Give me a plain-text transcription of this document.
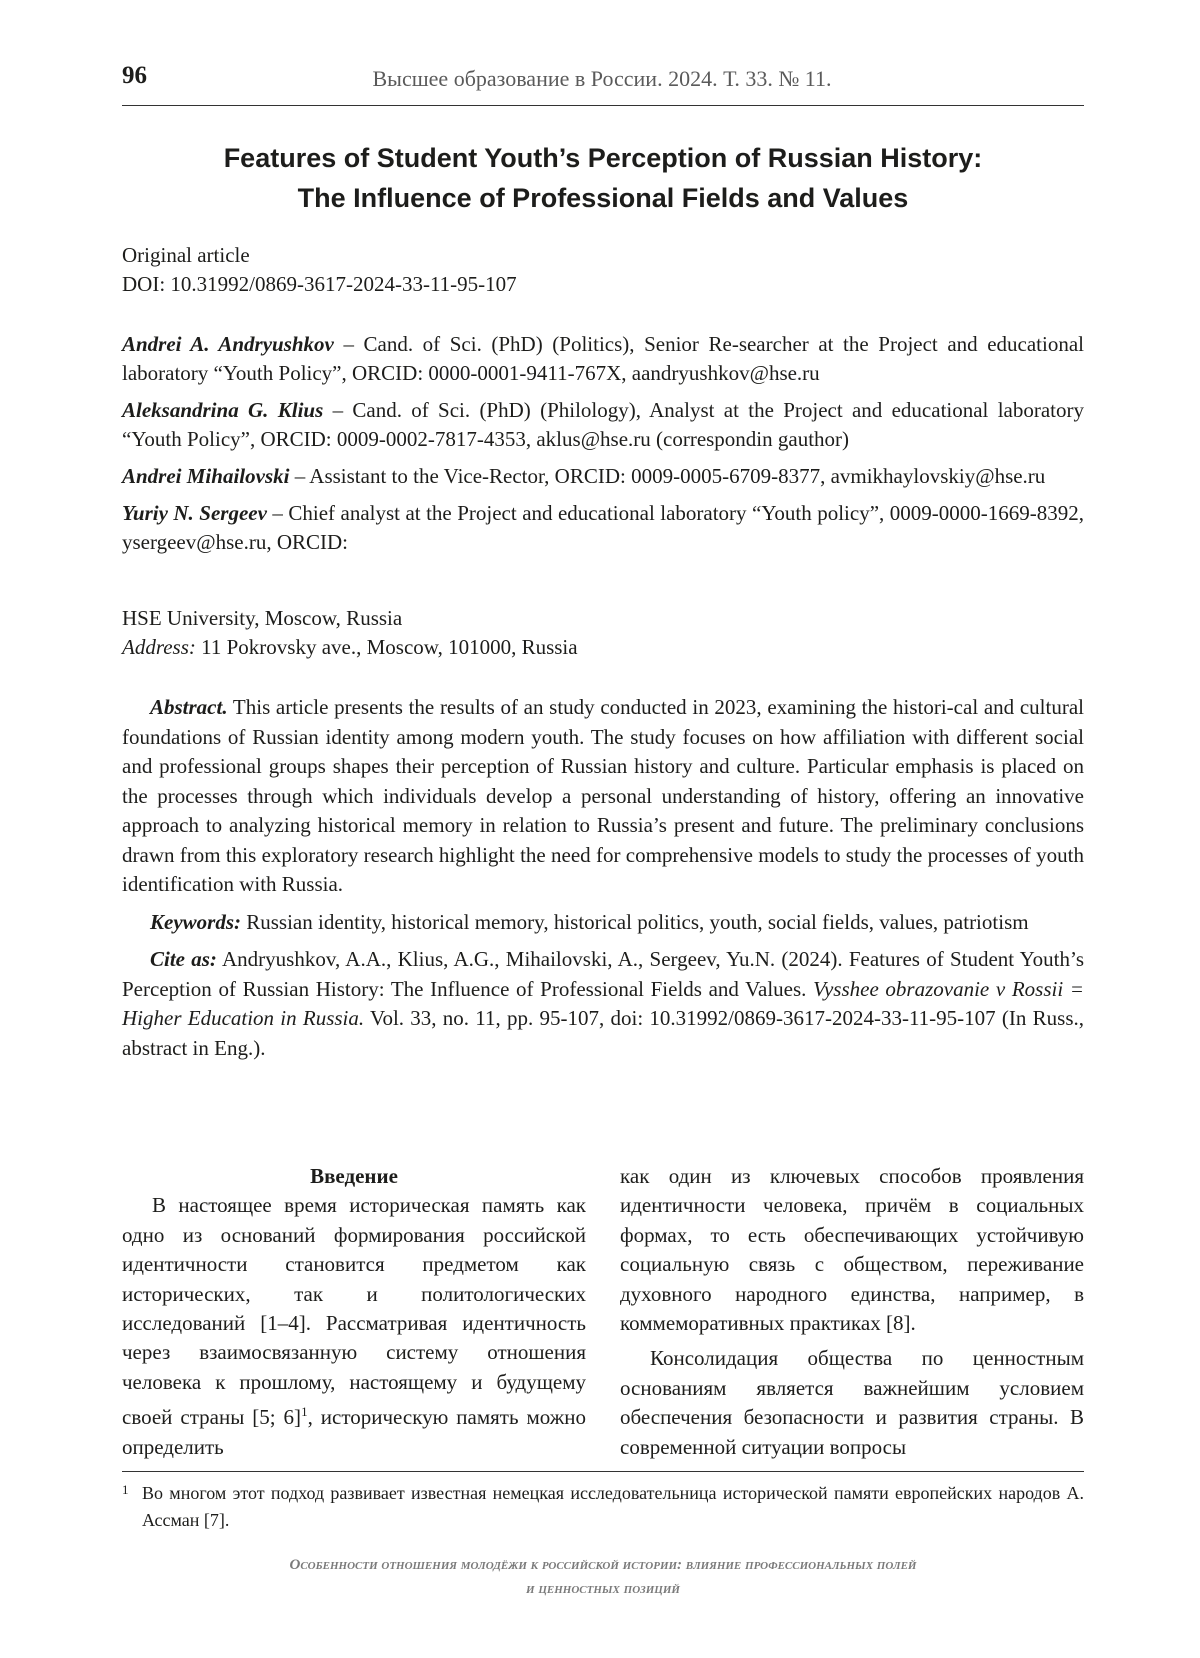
96	Высшее образование в России. 2024. Т. 33. № 11.
Features of Student Youth’s Perception of Russian History:
The Influence of Professional Fields and Values
Original article
DOI: 10.31992/0869-3617-2024-33-11-95-107
Andrei A. Andryushkov – Cand. of Sci. (PhD) (Politics), Senior Re-searcher at the Project and educational laboratory “Youth Policy”, ORCID: 0000-0001-9411-767X, aandryushkov@hse.ru
Aleksandrina G. Klius – Cand. of Sci. (PhD) (Philology), Analyst at the Project and educational laboratory “Youth Policy”, ORCID: 0009-0002-7817-4353, aklus@hse.ru (correspondin gauthor)
Andrei Mihailovski – Assistant to the Vice-Rector, ORCID: 0009-0005-6709-8377, avmikhaylovskiy@hse.ru
Yuriy N. Sergeev – Chief analyst at the Project and educational laboratory “Youth policy”, 0009-0000-1669-8392, ysergeev@hse.ru, ORCID:
HSE University, Moscow, Russia
Address: 11 Pokrovsky ave., Moscow, 101000, Russia

Abstract. This article presents the results of an study conducted in 2023, examining the histori-cal and cultural foundations of Russian identity among modern youth. The study focuses on how affiliation with different social and professional groups shapes their perception of Russian history and culture. Particular emphasis is placed on the processes through which individuals develop a personal understanding of history, offering an innovative approach to analyzing historical memory in relation to Russia’s present and future. The preliminary conclusions drawn from this exploratory research highlight the need for comprehensive models to study the processes of youth identification with Russia.

Keywords: Russian identity, historical memory, historical politics, youth, social fields, values, patriotism

Cite as: Andryushkov, A.A., Klius, A.G., Mihailovski, A., Sergeev, Yu.N. (2024). Features of Student Youth’s Perception of Russian History: The Influence of Professional Fields and Values. Vysshee obrazovanie v Rossii = Higher Education in Russia. Vol. 33, no. 11, pp. 95-107, doi: 10.31992/0869-3617-2024-33-11-95-107 (In Russ., abstract in Eng.).

Введение

В настоящее время историческая память как одно из оснований формирования российской идентичности становится предметом как исторических, так и политологических исследований [1–4]. Рассматривая идентичность через взаимосвязанную систему отношения человека к прошлому, настоящему и будущему своей страны [5; 6]$^1$, историческую память можно определить

как один из ключевых способов проявления идентичности человека, причём в социальных формах, то есть обеспечивающих устойчивую социальную связь с обществом, переживание духовного народного единства, например, в коммеморативных практиках [8].

Консолидация общества по ценностным основаниям является важнейшим условием обеспечения безопасности и развития страны. В современной ситуации вопросы

1 Во многом этот подход развивает известная немецкая исследовательница исторической памяти европейских народов А. Ассман [7].
Особенности отношения молодёжи к российской истории: влияние профессиональных полей
и ценностных позиций
